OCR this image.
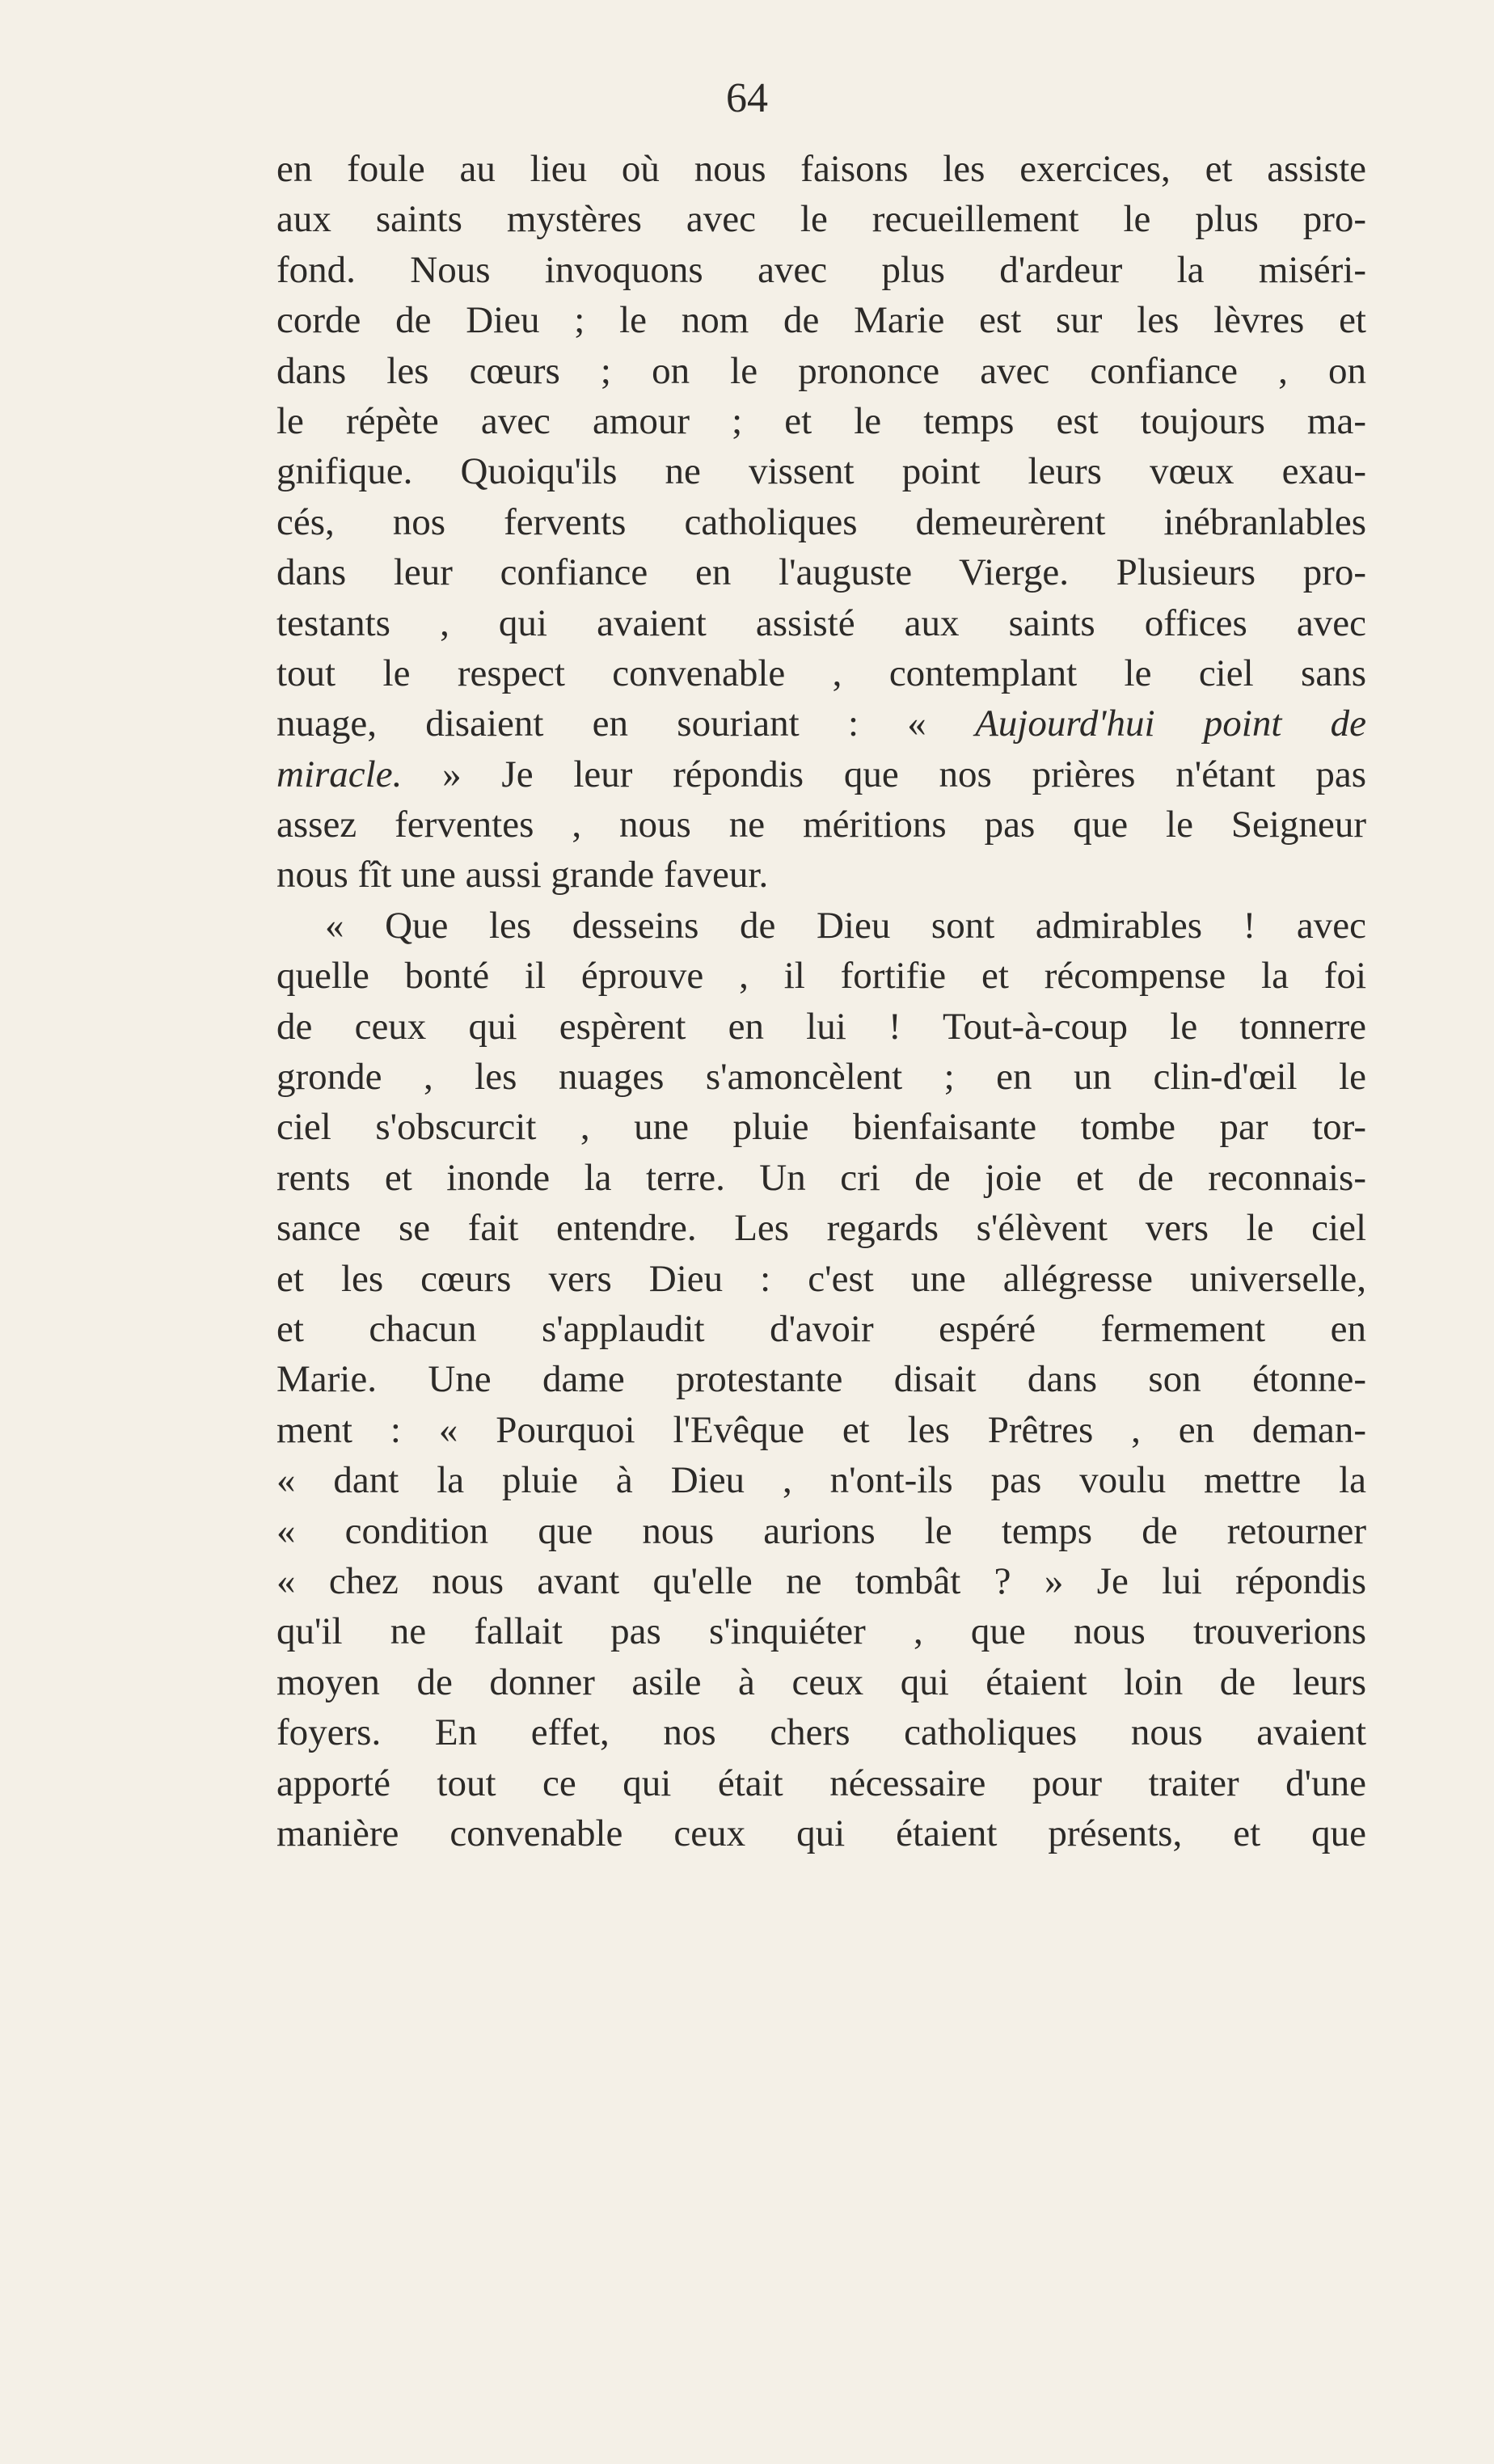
64
en foule au lieu où nous faisons les exercices, et assiste
aux saints mystères avec le recueillement le plus pro-
fond. Nous invoquons avec plus d'ardeur la miséri-
corde de Dieu ; le nom de Marie est sur les lèvres et
dans les cœurs ; on le prononce avec confiance , on
le répète avec amour ; et le temps est toujours ma-
gnifique. Quoiqu'ils ne vissent point leurs vœux exau-
cés, nos fervents catholiques demeurèrent inébranlables
dans leur confiance en l'auguste Vierge. Plusieurs pro-
testants , qui avaient assisté aux saints offices avec
tout le respect convenable , contemplant le ciel sans
nuage, disaient en souriant : « Aujourd'hui point de
miracle. » Je leur répondis que nos prières n'étant pas
assez ferventes , nous ne méritions pas que le Seigneur
nous fît une aussi grande faveur.
« Que les desseins de Dieu sont admirables ! avec
quelle bonté il éprouve , il fortifie et récompense la foi
de ceux qui espèrent en lui ! Tout-à-coup le tonnerre
gronde , les nuages s'amoncèlent ; en un clin-d'œil le
ciel s'obscurcit , une pluie bienfaisante tombe par tor-
rents et inonde la terre. Un cri de joie et de reconnais-
sance se fait entendre. Les regards s'élèvent vers le ciel
et les cœurs vers Dieu : c'est une allégresse universelle,
et chacun s'applaudit d'avoir espéré fermement en
Marie. Une dame protestante disait dans son étonne-
ment : « Pourquoi l'Evêque et les Prêtres , en deman-
« dant la pluie à Dieu , n'ont-ils pas voulu mettre la
« condition que nous aurions le temps de retourner
« chez nous avant qu'elle ne tombât ? » Je lui répondis
qu'il ne fallait pas s'inquiéter , que nous trouverions
moyen de donner asile à ceux qui étaient loin de leurs
foyers. En effet, nos chers catholiques nous avaient
apporté tout ce qui était nécessaire pour traiter d'une
manière convenable ceux qui étaient présents, et que
